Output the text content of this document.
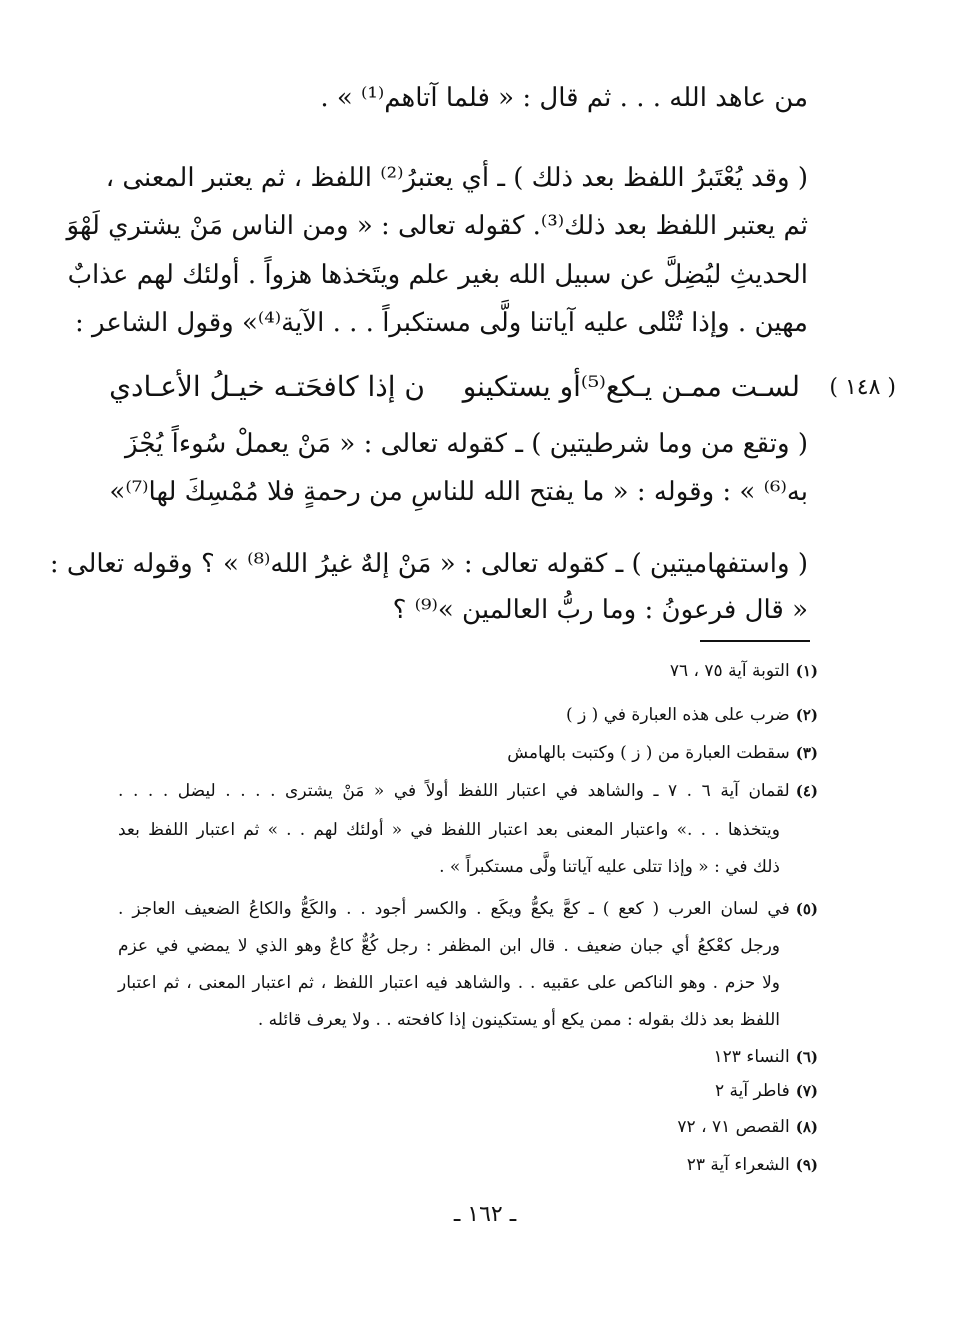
من عاهد الله . . . ثم قال : « فلما آتاهم⁽¹⁾ » .
( وقد يُعْتَبرُ اللفظ بعد ذلك ) ـ أي يعتبرُ⁽²⁾ اللفظ ، ثم يعتبر المعنى ،
ثم يعتبر اللفظ بعد ذلك⁽³⁾. كقوله تعالى : « ومن الناس مَنْ يشتري لَهْوَ
الحديثِ ليُضِلَّ عن سبيل الله بغير علم ويتَخذها هزواً . أولئك لهم عذابٌ
مهين . وإذا تُتْلى عليه آياتنا ولَّى مستكبراً . . . الآية⁽⁴⁾» وقول الشاعر :
( ١٤٨ )
لسـت ممـن يـكع⁽⁵⁾أو يستكينو
ن إذا كافحَتـه خيـلُ الأعـادي
( وتقع من وما شرطيتين ) ـ كقوله تعالى : « مَنْ يعملْ سُوءاً يُجْزَ
به⁽⁶⁾ » : وقوله : « ما يفتح الله للناسِ من رحمةٍ فلا مُمْسِكَ لها⁽⁷⁾»
( واستفهاميتين ) ـ كقوله تعالى : « مَنْ إلهٌ غيرُ الله⁽⁸⁾ » ؟ وقوله تعالى :
« قال فرعونُ : وما ربُّ العالمين »⁽⁹⁾ ؟
(١)التوبة آية ٧٥ ، ٧٦
(٢)ضرب على هذه العبارة في ( ز )
(٣)سقطت العبارة من ( ز ) وكتبت بالهامش
(٤)لقمان آية ٦ . ٧ ـ والشاهد في اعتبار اللفظ أولاً في « مَنْ يشترى . . . . ليضل . . . .
ويتخذها . . .» واعتبار المعنى بعد اعتبار اللفظ في « أولئك لهم . . » ثم اعتبار اللفظ بعد
ذلك في : « وإذا تتلى عليه آياتنا ولَّى مستكبراً » .
(٥)في لسان العرب ( كعع ) ـ كعَّ يكعُّ ويكَع . والكسر أجود . . والكَعُّ والكاعُ الضعيف العاجز .
ورجل كعْكعُ أي جبان ضعيف . قال ابن المظفر : رجل كُعٌّ كاعٌ وهو الذي لا يمضي في عزم
ولا حزم . وهو الناكص على عقبيه . . والشاهد فيه اعتبار اللفظ ، ثم اعتبار المعنى ، ثم اعتبار
اللفظ بعد ذلك بقوله : ممن يكع أو يستكينون إذا كافحته . . ولا يعرف قائله .
(٦)النساء ١٢٣
(٧)فاطر آية ٢
(٨)القصص ٧١ ، ٧٢
(٩)الشعراء آية ٢٣
ـ ١٦٢ ـ
